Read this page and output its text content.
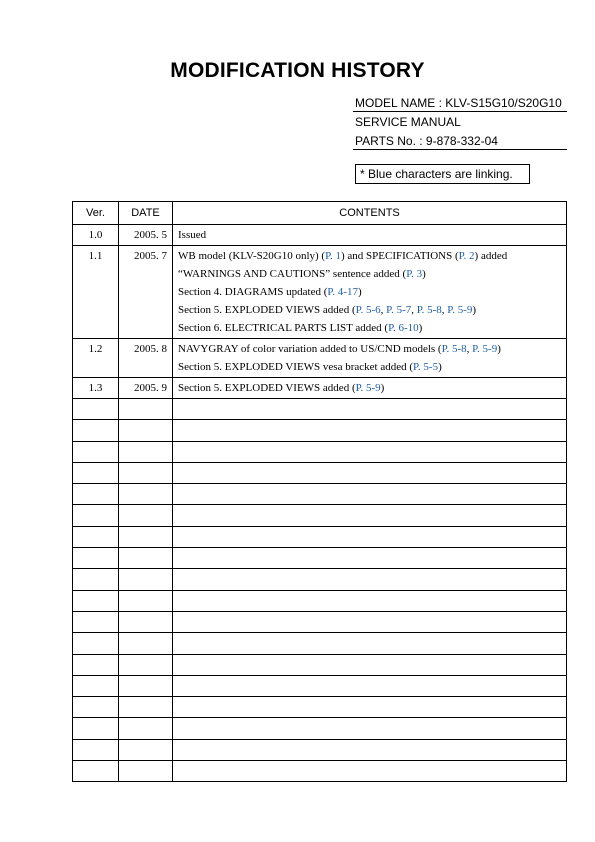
MODIFICATION HISTORY
MODEL NAME : KLV-S15G10/S20G10
SERVICE MANUAL
PARTS No. : 9-878-332-04
* Blue characters are linking.
Ver.	DATE	CONTENTS

1.0	2005. 5	Issued

1.1	2005. 7	WB model (KLV-S20G10 only) (P. 1) and SPECIFICATIONS (P. 2) added
“WARNINGS AND CAUTIONS” sentence added (P. 3)
Section 4. DIAGRAMS updated (P. 4-17)
Section 5. EXPLODED VIEWS added (P. 5-6, P. 5-7, P. 5-8, P. 5-9)
Section 6. ELECTRICAL PARTS LIST added (P. 6-10)

1.2	2005. 8	NAVYGRAY of color variation added to US/CND models (P. 5-8, P. 5-9)
Section 5. EXPLODED VIEWS vesa bracket added (P. 5-5)

1.3	2005. 9	Section 5. EXPLODED VIEWS added (P. 5-9)
